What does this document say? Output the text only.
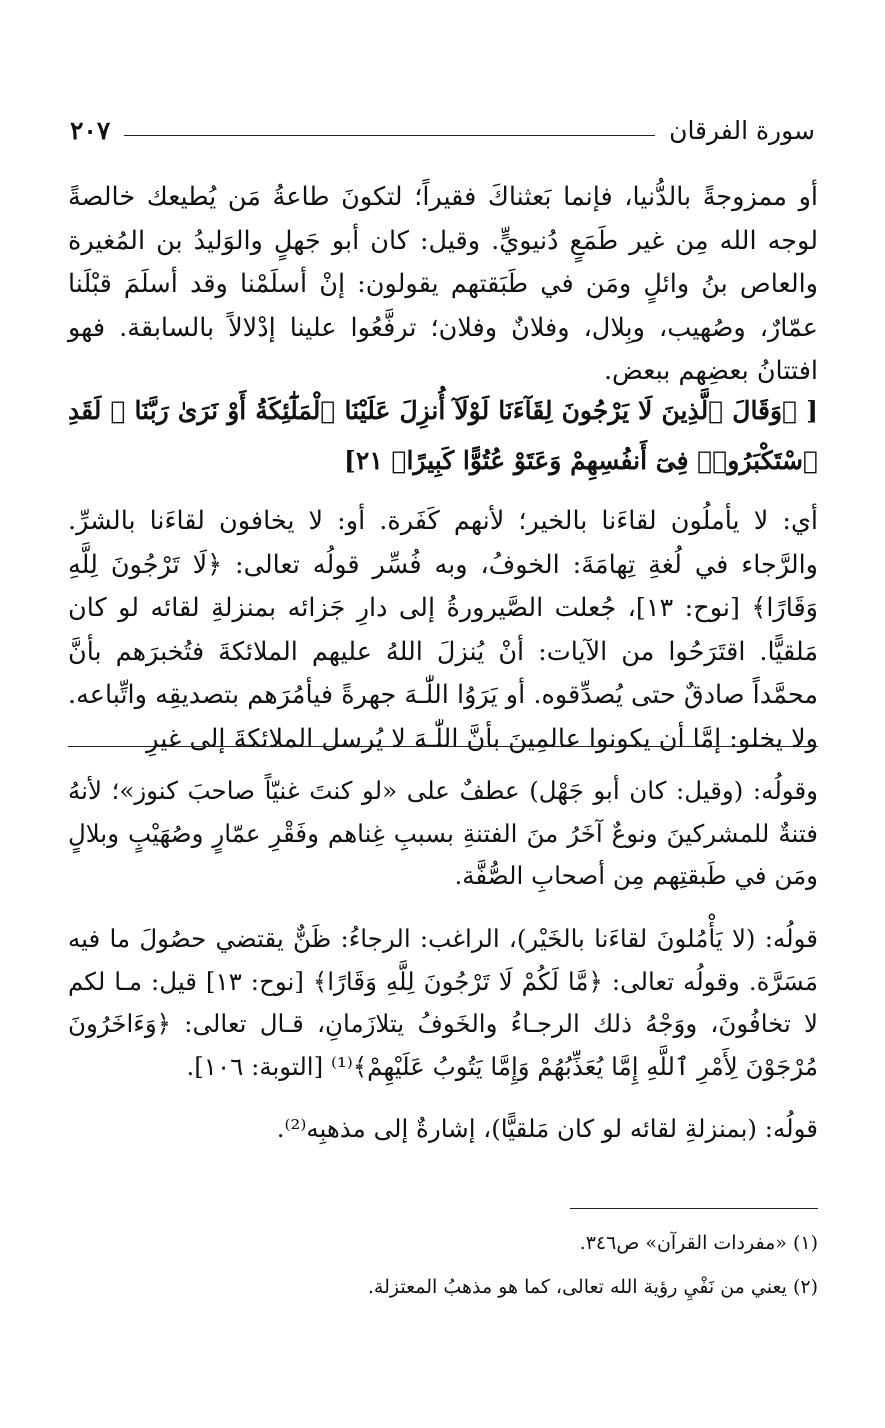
سورة الفرقان
٢٠٧
أو ممزوجةً بالدُّنيا، فإنما بَعثناكَ فقيراً؛ لتكونَ طاعةُ مَن يُطيعك خالصةً لوجه الله مِن غير طَمَعٍ دُنيويٍّ. وقيل: كان أبو جَهلٍ والوَليدُ بن المُغيرة والعاص بنُ وائلٍ ومَن في طَبَقتهم يقولون: إنْ أسلَمْنا وقد أسلَمَ قبْلَنا عمّارٌ، وصُهيب، وبِلال، وفلانٌ وفلان؛ ترفَّعُوا علينا إدْلالاً بالسابقة. فهو افتتانُ بعضِهم ببعض.
[ ﴿وَقَالَ ٱلَّذِينَ لَا يَرْجُونَ لِقَآءَنَا لَوْلَآ أُنزِلَ عَلَيْنَا ٱلْمَلَٰٓئِكَةُ أَوْ نَرَىٰ رَبَّنَا ۗ لَقَدِ ٱسْتَكْبَرُوا۟ فِىٓ أَنفُسِهِمْ وَعَتَوْ عُتُوًّا كَبِيرًا﴾ ٢١]
أي: لا يأملُون لقاءَنا بالخير؛ لأنهم كَفَرة. أو: لا يخافون لقاءَنا بالشرِّ. والرَّجاء في لُغةِ تِهامَةَ: الخوفُ، وبه فُسِّر قولُه تعالى: ﴿لَا تَرْجُونَ لِلَّهِ وَقَارًا﴾ [نوح: ١٣]، جُعلت الصَّيرورةُ إلى دارِ جَزائه بمنزلةِ لقائه لو كان مَلقيًّا. اقتَرَحُوا من الآيات: أنْ يُنزلَ اللهُ عليهم الملائكةَ فتُخبرَهم بأنَّ محمَّداً صادقٌ حتى يُصدِّقوه. أو يَرَوُا اللّٰـهَ جهرةً فيأمُرَهم بتصديقِه واتِّباعه. ولا يخلو: إمَّا أن يكونوا عالمِينَ بأنَّ اللّٰـهَ لا يُرسل الملائكةَ إلى غيرِ
وقولُه: (وقيل: كان أبو جَهْل) عطفٌ على «لو كنتَ غنيّاً صاحبَ كنوز»؛ لأنهُ فتنةٌ للمشركينَ ونوعٌ آخَرُ منَ الفتنةِ بسببِ غِناهم وفَقْرِ عمّارٍ وصُهَيْبٍ وبلالٍ ومَن في طَبقتِهم مِن أصحابِ الصُّفَّة.
قولُه: (لا يَأْمُلونَ لقاءَنا بالخَيْر)، الراغب: الرجاءُ: ظَنٌّ يقتضي حصُولَ ما فيه مَسَرَّة. وقولُه تعالى: ﴿مَّا لَكُمْ لَا تَرْجُونَ لِلَّهِ وَقَارًا﴾ [نوح: ١٣] قيل: مـا لكم لا تخافُونَ، ووَجْهُ ذلك الرجـاءُ والخَوفُ يتلازَمانِ، قـال تعالى: ﴿وَءَاخَرُونَ مُرْجَوْنَ لِأَمْرِ ٱللَّهِ إِمَّا يُعَذِّبُهُمْ وَإِمَّا يَتُوبُ عَلَيْهِمْ﴾⁽¹⁾ [التوبة: ١٠٦].
قولُه: (بمنزلةِ لقائه لو كان مَلقيًّا)، إشارةٌ إلى مذهبِه⁽²⁾.
(١) «مفردات القرآن» ص٣٤٦.
(٢) يعني من نَفْيِ رؤية الله تعالى، كما هو مذهبُ المعتزلة.
